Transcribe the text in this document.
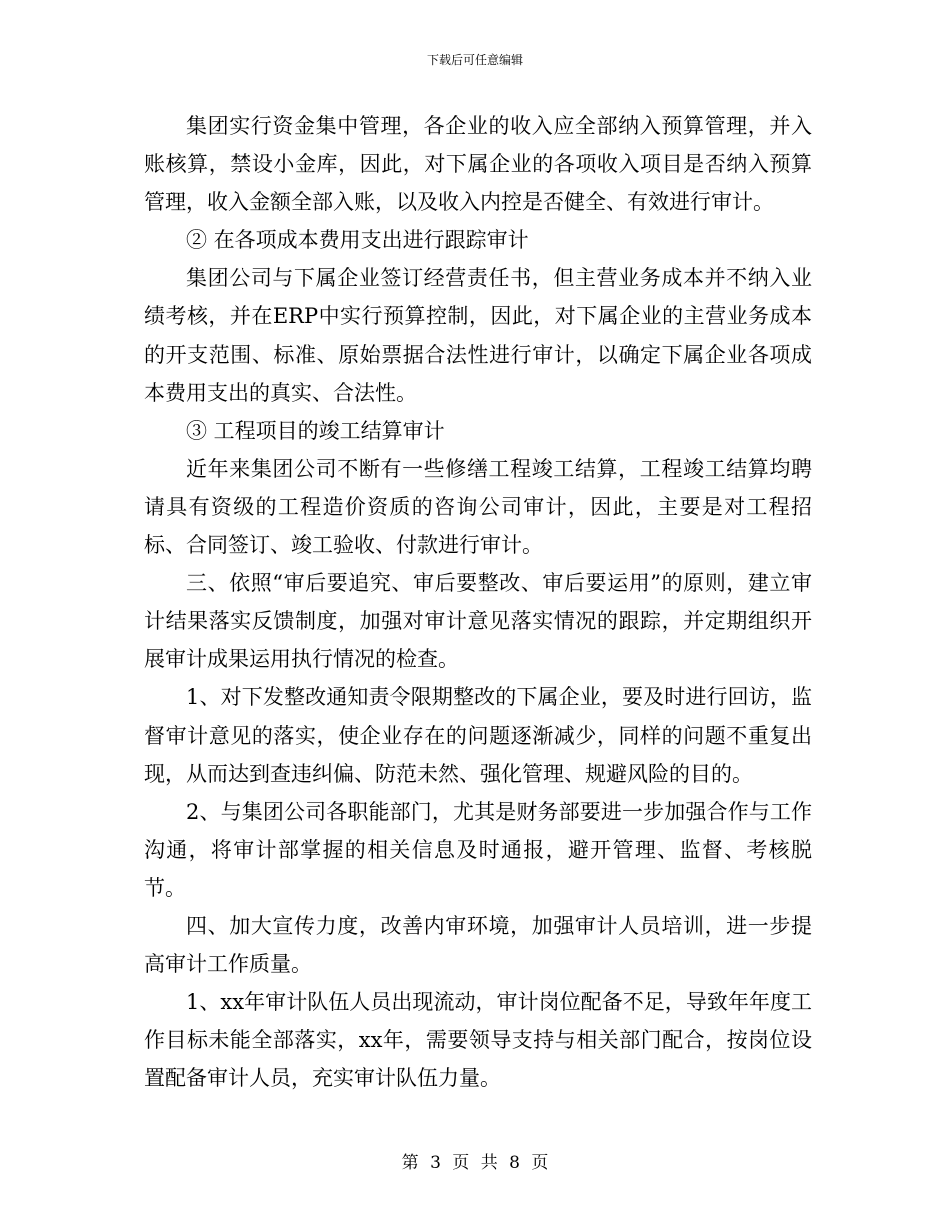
下载后可任意编辑

集团实行资金集中管理，各企业的收入应全部纳入预算管理，并入账核算，禁设小金库，因此，对下属企业的各项收入项目是否纳入预算管理，收入金额全部入账，以及收入内控是否健全、有效进行审计。

② 在各项成本费用支出进行跟踪审计

集团公司与下属企业签订经营责任书，但主营业务成本并不纳入业绩考核，并在ERP中实行预算控制，因此，对下属企业的主营业务成本的开支范围、标准、原始票据合法性进行审计，以确定下属企业各项成本费用支出的真实、合法性。

③ 工程项目的竣工结算审计

近年来集团公司不断有一些修缮工程竣工结算，工程竣工结算均聘请具有资级的工程造价资质的咨询公司审计，因此，主要是对工程招标、合同签订、竣工验收、付款进行审计。

三、依照“审后要追究、审后要整改、审后要运用”的原则，建立审计结果落实反馈制度，加强对审计意见落实情况的跟踪，并定期组织开展审计成果运用执行情况的检查。

1、对下发整改通知责令限期整改的下属企业，要及时进行回访，监督审计意见的落实，使企业存在的问题逐渐减少，同样的问题不重复出现，从而达到查违纠偏、防范未然、强化管理、规避风险的目的。

2、与集团公司各职能部门，尤其是财务部要进一步加强合作与工作沟通，将审计部掌握的相关信息及时通报，避开管理、监督、考核脱节。

四、加大宣传力度，改善内审环境，加强审计人员培训，进一步提高审计工作质量。

1、xx年审计队伍人员出现流动，审计岗位配备不足，导致年年度工作目标未能全部落实，xx年，需要领导支持与相关部门配合，按岗位设置配备审计人员，充实审计队伍力量。

第 3 页 共 8 页
